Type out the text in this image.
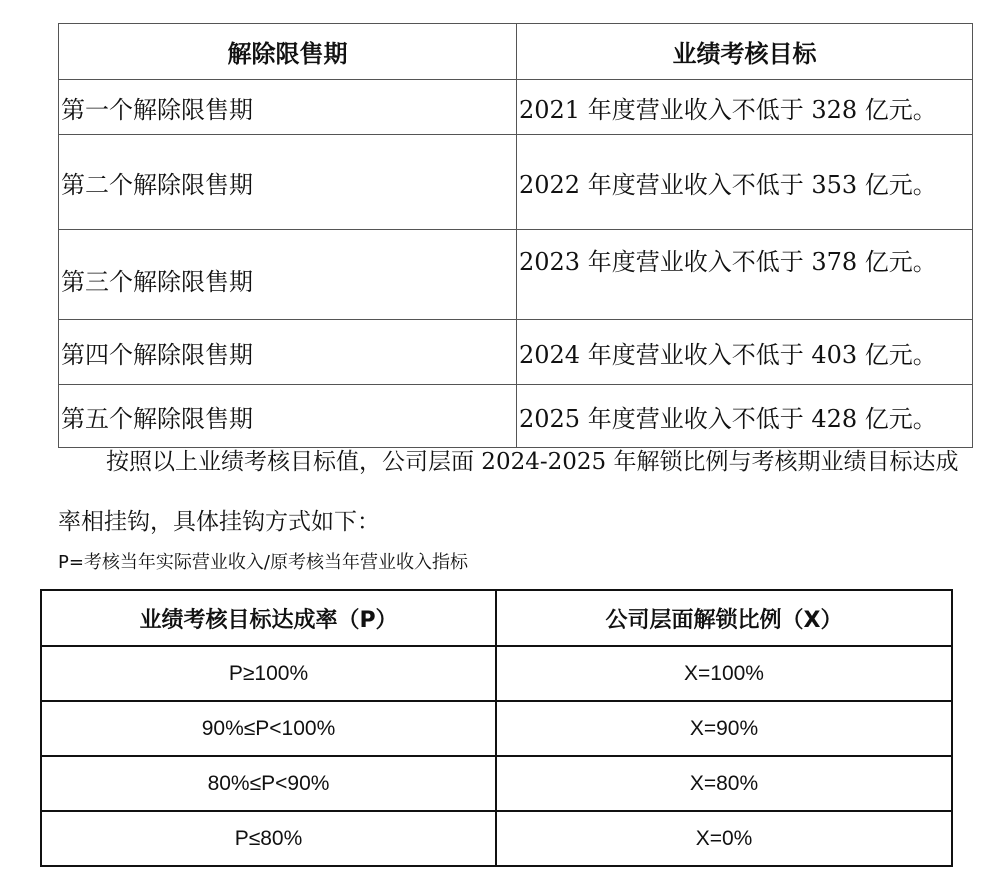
解除限售期	业绩考核目标
第一个解除限售期	2021 年度营业收入不低于 328 亿元。
第二个解除限售期	2022 年度营业收入不低于 353 亿元。
第三个解除限售期	2023 年度营业收入不低于 378 亿元。
第四个解除限售期	2024 年度营业收入不低于 403 亿元。
第五个解除限售期	2025 年度营业收入不低于 428 亿元。

按照以上业绩考核目标值，公司层面 2024-2025 年解锁比例与考核期业绩目标达成率相挂钩，具体挂钩方式如下：

P=考核当年实际营业收入/原考核当年营业收入指标

业绩考核目标达成率（P）	公司层面解锁比例（X）
P≥100%	X=100%
90%≤P<100%	X=90%
80%≤P<90%	X=80%
P≤80%	X=0%
